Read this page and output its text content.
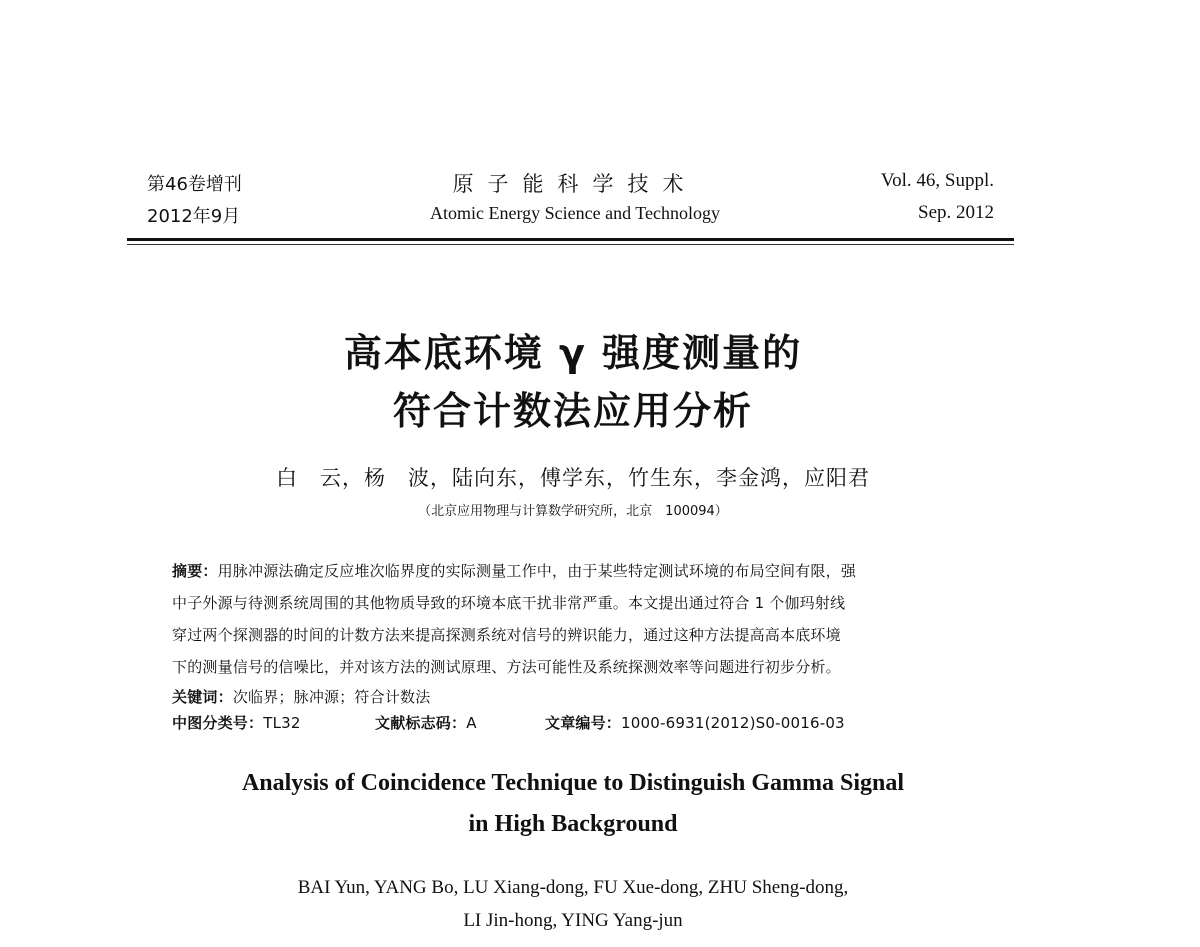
第46卷增刊
2012年9月
原子能科学技术
Atomic Energy Science and Technology
Vol. 46, Suppl.
Sep. 2012
高本底环境 γ 强度测量的
符合计数法应用分析
白　云，杨　波，陆向东，傅学东，竹生东，李金鸿，应阳君
（北京应用物理与计算数学研究所，北京　100094）
摘要：用脉冲源法确定反应堆次临界度的实际测量工作中，由于某些特定测试环境的布局空间有限，强
中子外源与待测系统周围的其他物质导致的环境本底干扰非常严重。本文提出通过符合 1 个伽玛射线
穿过两个探测器的时间的计数方法来提高探测系统对信号的辨识能力，通过这种方法提高高本底环境
下的测量信号的信噪比，并对该方法的测试原理、方法可能性及系统探测效率等问题进行初步分析。
关键词：次临界；脉冲源；符合计数法
中图分类号：TL32	文献标志码：A	文章编号：1000-6931(2012)S0-0016-03
Analysis of Coincidence Technique to Distinguish Gamma Signal
in High Background
BAI Yun, YANG Bo, LU Xiang-dong, FU Xue-dong, ZHU Sheng-dong,
LI Jin-hong, YING Yang-jun
